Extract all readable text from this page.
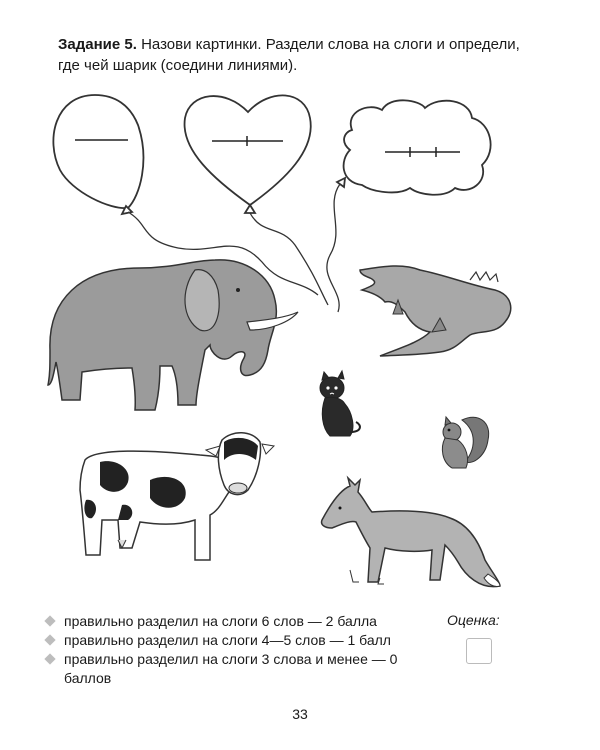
Задание 5. Назови картинки. Раздели слова на слоги и определи, где чей шарик (соедини линиями).
правильно разделил на слоги 6 слов — 2 балла
правильно разделил на слоги 4—5 слов — 1 балл
правильно разделил на слоги 3 слова и менее — 0 баллов
Оценка:
33
